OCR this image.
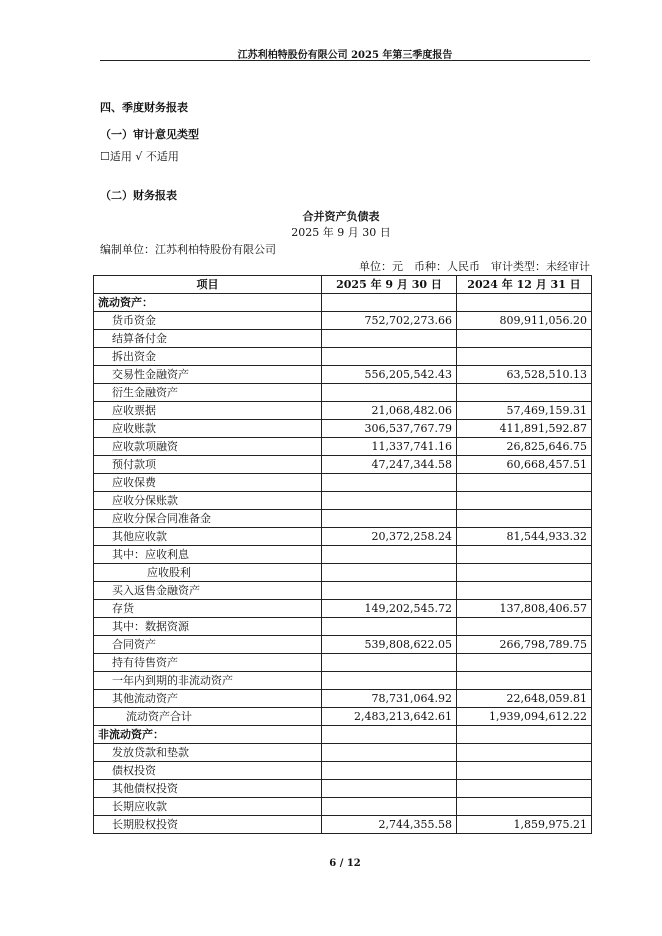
江苏利柏特股份有限公司 2025 年第三季度报告
四、季度财务报表
（一）审计意见类型
☐适用 √ 不适用
（二）财务报表
合并资产负债表
2025 年 9 月 30 日
编制单位：江苏利柏特股份有限公司
单位：元　币种：人民币　审计类型：未经审计
项目	2025 年 9 月 30 日	2024 年 12 月 31 日
流动资产：		
货币资金	752,702,273.66	809,911,056.20
结算备付金		
拆出资金		
交易性金融资产	556,205,542.43	63,528,510.13
衍生金融资产		
应收票据	21,068,482.06	57,469,159.31
应收账款	306,537,767.79	411,891,592.87
应收款项融资	11,337,741.16	26,825,646.75
预付款项	47,247,344.58	60,668,457.51
应收保费		
应收分保账款		
应收分保合同准备金		
其他应收款	20,372,258.24	81,544,933.32
其中：应收利息		
应收股利		
买入返售金融资产		
存货	149,202,545.72	137,808,406.57
其中：数据资源		
合同资产	539,808,622.05	266,798,789.75
持有待售资产		
一年内到期的非流动资产		
其他流动资产	78,731,064.92	22,648,059.81
流动资产合计	2,483,213,642.61	1,939,094,612.22
非流动资产：		
发放贷款和垫款		
债权投资		
其他债权投资		
长期应收款		
长期股权投资	2,744,355.58	1,859,975.21
6 / 12
